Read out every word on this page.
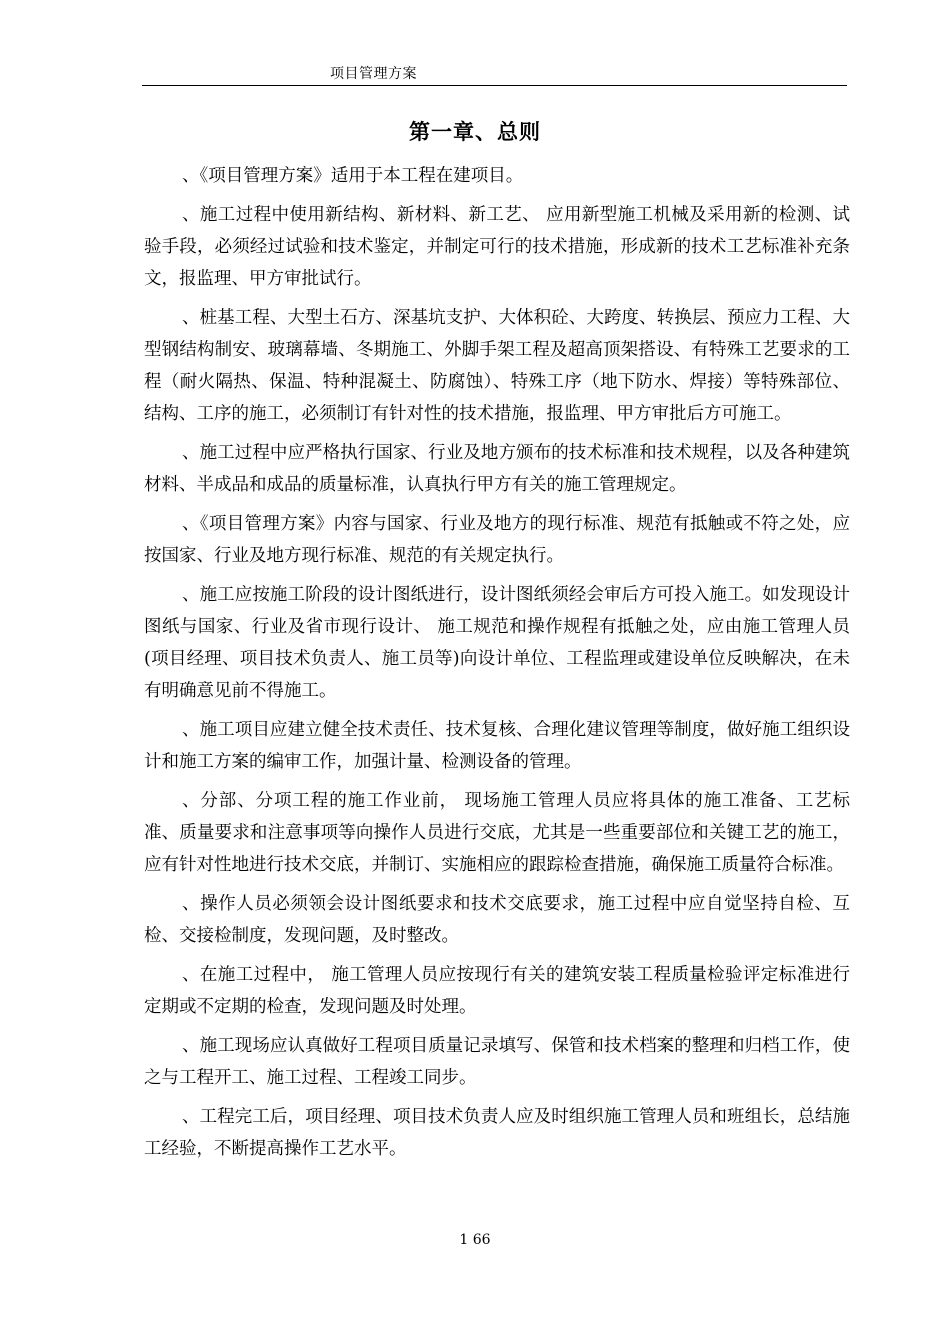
项目管理方案
第一章、总则

、《项目管理方案》适用于本工程在建项目。

、施工过程中使用新结构、新材料、新工艺、 应用新型施工机械及采用新的检测、试验手段，必须经过试验和技术鉴定，并制定可行的技术措施，形成新的技术工艺标准补充条文，报监理、甲方审批试行。

、桩基工程、大型土石方、深基坑支护、大体积砼、大跨度、转换层、预应力工程、大型钢结构制安、玻璃幕墙、冬期施工、外脚手架工程及超高顶架搭设、有特殊工艺要求的工程（耐火隔热、保温、特种混凝土、防腐蚀）、特殊工序（地下防水、焊接）等特殊部位、结构、工序的施工，必须制订有针对性的技术措施，报监理、甲方审批后方可施工。

、施工过程中应严格执行国家、行业及地方颁布的技术标准和技术规程，以及各种建筑材料、半成品和成品的质量标准，认真执行甲方有关的施工管理规定。

、《项目管理方案》内容与国家、行业及地方的现行标准、规范有抵触或不符之处，应按国家、行业及地方现行标准、规范的有关规定执行。

、施工应按施工阶段的设计图纸进行，设计图纸须经会审后方可投入施工。如发现设计图纸与国家、行业及省市现行设计、 施工规范和操作规程有抵触之处，应由施工管理人员(项目经理、项目技术负责人、施工员等)向设计单位、工程监理或建设单位反映解决，在未有明确意见前不得施工。

、施工项目应建立健全技术责任、技术复核、合理化建议管理等制度，做好施工组织设计和施工方案的编审工作，加强计量、检测设备的管理。

、分部、分项工程的施工作业前， 现场施工管理人员应将具体的施工准备、工艺标准、质量要求和注意事项等向操作人员进行交底，尤其是一些重要部位和关键工艺的施工，应有针对性地进行技术交底，并制订、实施相应的跟踪检查措施，确保施工质量符合标准。

、操作人员必须领会设计图纸要求和技术交底要求，施工过程中应自觉坚持自检、互检、交接检制度，发现问题，及时整改。

、在施工过程中， 施工管理人员应按现行有关的建筑安装工程质量检验评定标准进行定期或不定期的检查，发现问题及时处理。

、施工现场应认真做好工程项目质量记录填写、保管和技术档案的整理和归档工作，使之与工程开工、施工过程、工程竣工同步。

、工程完工后，项目经理、项目技术负责人应及时组织施工管理人员和班组长，总结施工经验，不断提高操作工艺水平。

1 66
